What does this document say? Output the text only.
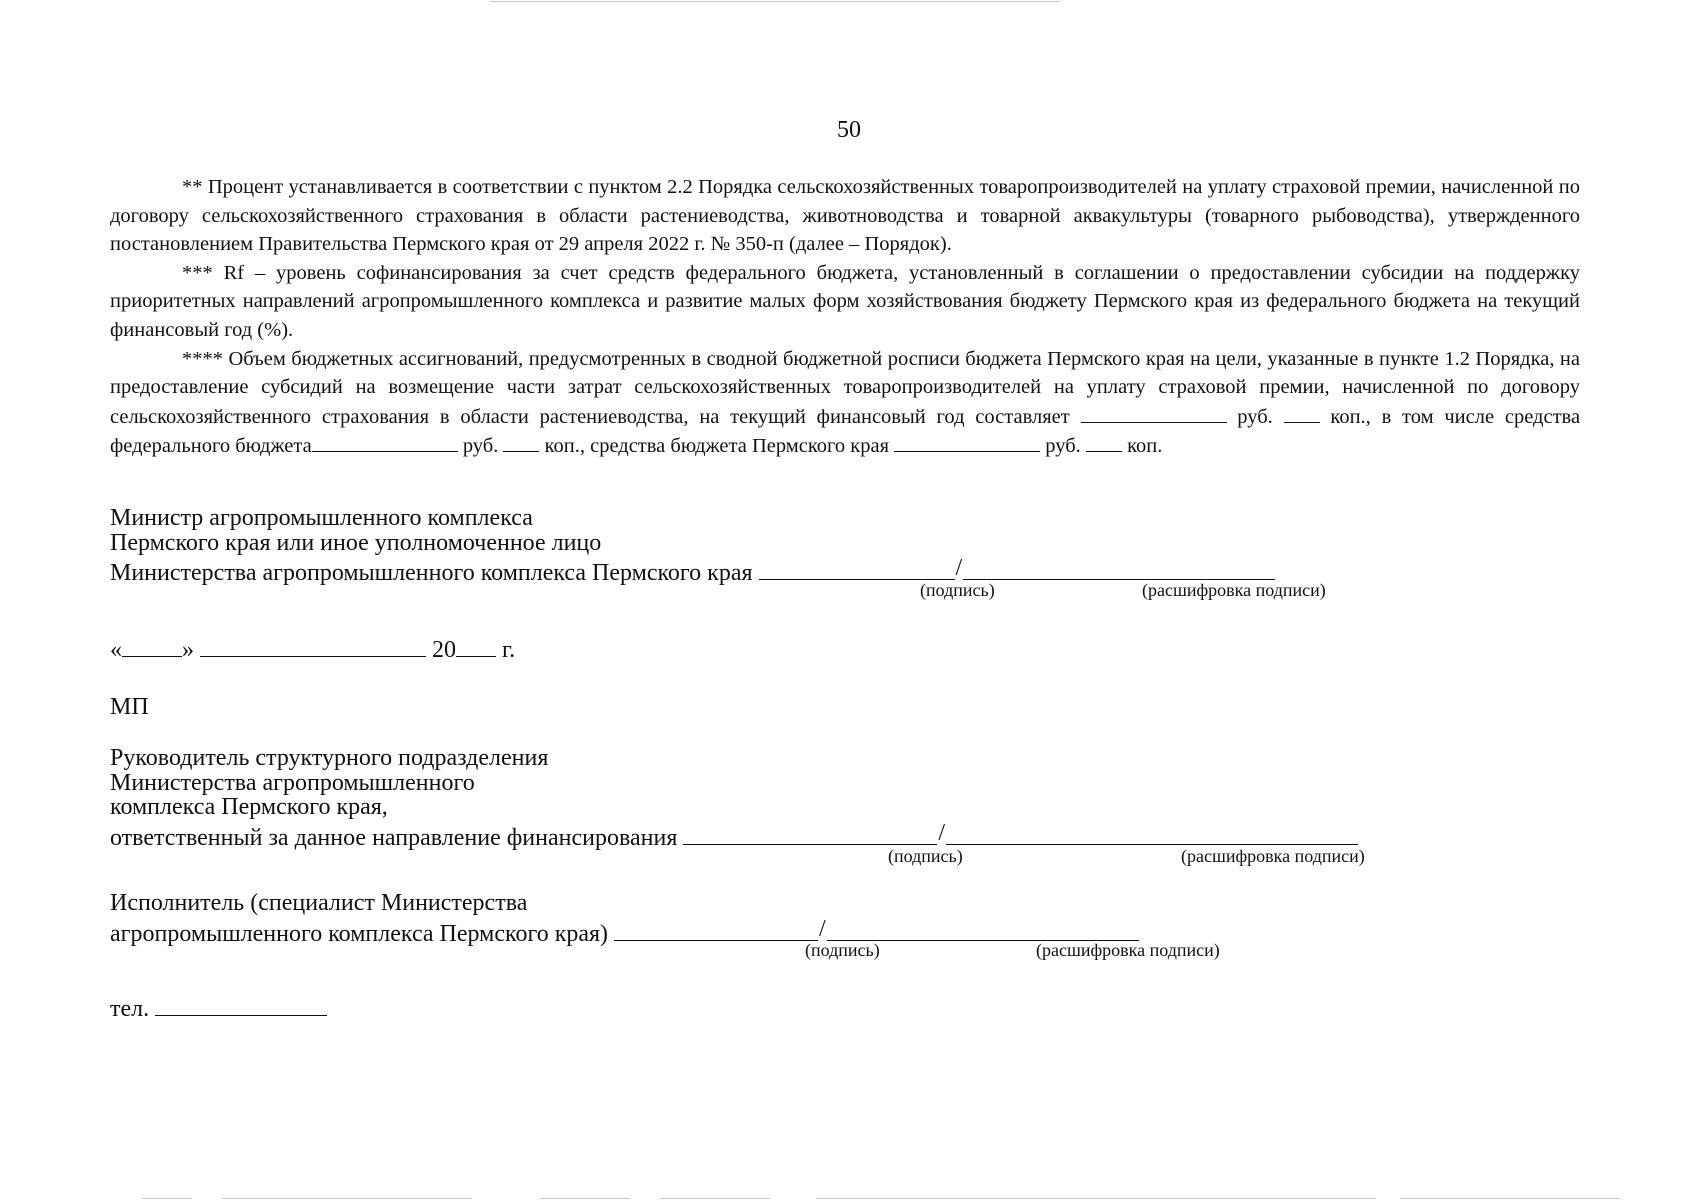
50

** Процент устанавливается в соответствии с пунктом 2.2 Порядка сельскохозяйственных товаропроизводителей на уплату страховой премии, начисленной по договору сельскохозяйственного страхования в области растениеводства, животноводства и товарной аквакультуры (товарного рыбоводства), утвержденного постановлением Правительства Пермского края от 29 апреля 2022 г. № 350-п (далее – Порядок).

*** Rf – уровень софинансирования за счет средств федерального бюджета, установленный в соглашении о предоставлении субсидии на поддержку приоритетных направлений агропромышленного комплекса и развитие малых форм хозяйствования бюджету Пермского края из федерального бюджета на текущий финансовый год (%).

**** Объем бюджетных ассигнований, предусмотренных в сводной бюджетной росписи бюджета Пермского края на цели, указанные в пункте 1.2 Порядка, на предоставление субсидий на возмещение части затрат сельскохозяйственных товаропроизводителей на уплату страховой премии, начисленной по договору сельскохозяйственного страхования в области растениеводства, на текущий финансовый год составляет	руб.	коп., в том числе средства федерального бюджета	руб. коп., средства бюджета Пермского края	руб. коп.

Министр агропромышленного комплекса
Пермского края или иное уполномоченное лицо
Министерства агропромышленного комплекса Пермского края	/
(подпись)	(расшифровка подписи)
«	»	20 г.
МП
Руководитель структурного подразделения
Министерства агропромышленного
комплекса Пермского края,
ответственный за данное направление финансирования	/
(подпись)	(расшифровка подписи)
Исполнитель (специалист Министерства
агропромышленного комплекса Пермского края)	/
(подпись)	(расшифровка подписи)
тел.
